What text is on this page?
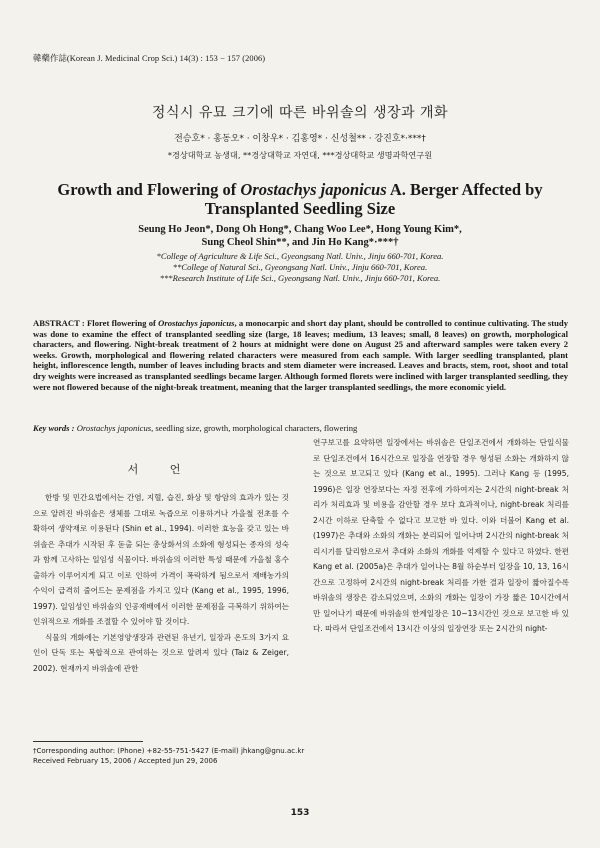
韓藥作誌(Korean J. Medicinal Crop Sci.) 14(3) : 153 − 157 (2006)
정식시 유묘 크기에 따른 바위솔의 생장과 개화
전승호* · 홍동오* · 이창우* · 김홍영* · 신성철** · 강진호*·***†
*경상대학교 농생대, **경상대학교 자연대, ***경상대학교 생명과학연구원
Growth and Flowering of Orostachys japonicus A. Berger Affected by
Transplanted Seedling Size
Seung Ho Jeon*, Dong Oh Hong*, Chang Woo Lee*, Hong Young Kim*,
Sung Cheol Shin**, and Jin Ho Kang*·***†
*College of Agriculture & Life Sci., Gyeongsang Natl. Univ., Jinju 660-701, Korea.
**College of Natural Sci., Gyeongsang Natl. Univ., Jinju 660-701, Korea.
***Research Institute of Life Sci., Gyeongsang Natl. Univ., Jinju 660-701, Korea.
ABSTRACT : Floret flowering of Orostachys japonicus, a monocarpic and short day plant, should be controlled to continue cultivating. The study was done to examine the effect of transplanted seedling size (large, 18 leaves; medium, 13 leaves; small, 8 leaves) on growth, morphological characters, and flowering. Night-break treatment of 2 hours at midnight were done on August 25 and afterward samples were taken every 2 weeks. Growth, morphological and flowering related characters were measured from each sample. With larger seedling transplanted, plant height, inflorescence length, number of leaves including bracts and stem diameter were increased. Leaves and bracts, stem, root, shoot and total dry weights were increased as transplanted seedlings became larger. Although formed florets were inclined with larger transplanted seedling, they were not flowered because of the night-break treatment, meaning that the larger transplanted seedlings, the more economic yield.
Key words : Orostachys japonicus, seedling size, growth, morphological characters, flowering
서 언

한방 및 민간요법에서는 간염, 지혈, 습진, 화상 및 항암의 효과가 있는 것으로 알려진 바위솔은 생체를 그대로 녹즙으로 이용하거나 가을철 전초를 수확하여 생약재로 이용된다 (Shin et al., 1994). 이러한 효능을 갖고 있는 바위솔은 추대가 시작된 후 돋출 되는 총상화서의 소화에 형성되는 종자의 성숙과 함께 고사하는 일임성 식물이다. 바위솔의 이러한 특성 때문에 가을철 홍수출하가 이루어지게 되고 이로 인하여 가격이 폭락하게 됨으로서 재배농가의 수익이 급격히 줄어드는 문제점을 가지고 있다 (Kang et al., 1995, 1996, 1997). 일임성인 바위솔의 인공재배에서 이러한 문제점을 극복하기 위하여는 인위적으로 개화를 조절할 수 있어야 할 것이다.

식물의 개화에는 기본영양생장과 관련된 유년기, 일장과 온도의 3가지 요인이 단독 또는 복합적으로 관여하는 것으로 알려져 있다 (Taiz & Zeiger, 2002). 현재까지 바위솔에 관한

연구보고를 요약하면 일장에서는 바위솔은 단일조건에서 개화하는 단일식물로 단일조건에서 16시간으로 일장을 연장할 경우 형성된 소화는 개화하지 않는 것으로 보고되고 있다 (Kang et al., 1995). 그러나 Kang 등 (1995, 1996)은 일장 연장보다는 자정 전후에 가하여지는 2시간의 night-break 처리가 처리효과 및 비용을 감안할 경우 보다 효과적이나, night-break 처리를 2시간 이하로 단축할 수 없다고 보고한 바 있다. 이와 더불어 Kang et al. (1997)은 추대와 소화의 개화는 분리되어 일어나며 2시간의 night-break 처리시기를 달리함으로서 추대와 소화의 개화를 억제할 수 있다고 하였다. 한편 Kang et al. (2005a)은 추대가 일어나는 8월 하순부터 일장을 10, 13, 16시간으로 고정하여 2시간의 night-break 처리를 가한 결과 일장이 짧아질수록 바위솔의 생장은 감소되었으며, 소화의 개화는 일장이 가장 짧은 10시간에서만 일어나기 때문에 바위솔의 한계일장은 10~13시간인 것으로 보고한 바 있다. 따라서 단일조건에서 13시간 이상의 일장연장 또는 2시간의 night-

†Corresponding author: (Phone) +82-55-751-5427 (E-mail) jhkang@gnu.ac.kr
Received February 15, 2006 / Accepted Jun 29, 2006
153
